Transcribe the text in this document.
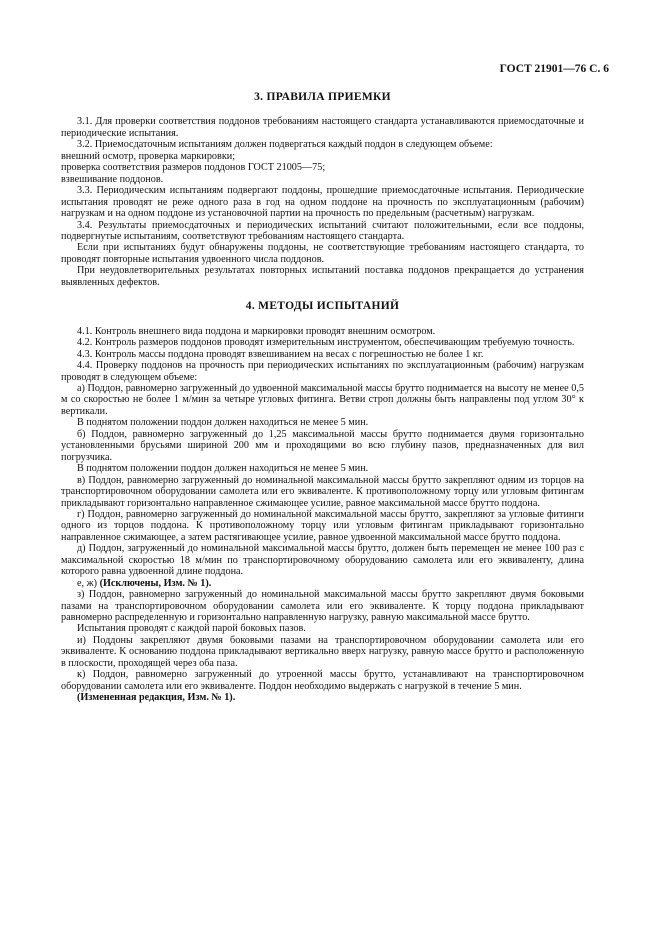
ГОСТ 21901—76 С. 6
3. ПРАВИЛА ПРИЕМКИ

3.1. Для проверки соответствия поддонов требованиям настоящего стандарта устанавливаются приемосдаточные и периодические испытания.

3.2. Приемосдаточным испытаниям должен подвергаться каждый поддон в следующем объеме:

внешний осмотр, проверка маркировки;

проверка соответствия размеров поддонов ГОСТ 21005—75;

взвешивание поддонов.

3.3. Периодическим испытаниям подвергают поддоны, прошедшие приемосдаточные испытания. Периодические испытания проводят не реже одного раза в год на одном поддоне на прочность по эксплуатационным (рабочим) нагрузкам и на одном поддоне из установочной партии на прочность по предельным (расчетным) нагрузкам.

3.4. Результаты приемосдаточных и периодических испытаний считают положительными, если все поддоны, подвергнутые испытаниям, соответствуют требованиям настоящего стандарта.

Если при испытаниях будут обнаружены поддоны, не соответствующие требованиям настоящего стандарта, то проводят повторные испытания удвоенного числа поддонов.

При неудовлетворительных результатах повторных испытаний поставка поддонов прекращается до устранения выявленных дефектов.

4. МЕТОДЫ ИСПЫТАНИЙ

4.1. Контроль внешнего вида поддона и маркировки проводят внешним осмотром.

4.2. Контроль размеров поддонов проводят измерительным инструментом, обеспечивающим требуемую точность.

4.3. Контроль массы поддона проводят взвешиванием на весах с погрешностью не более 1 кг.

4.4. Проверку поддонов на прочность при периодических испытаниях по эксплуатационным (рабочим) нагрузкам проводят в следующем объеме:

а) Поддон, равномерно загруженный до удвоенной максимальной массы брутто поднимается на высоту не менее 0,5 м со скоростью не более 1 м/мин за четыре угловых фитинга. Ветви строп должны быть направлены под углом 30° к вертикали.

В поднятом положении поддон должен находиться не менее 5 мин.

б) Поддон, равномерно загруженный до 1,25 максимальной массы брутто поднимается двумя горизонтально установленными брусьями шириной 200 мм и проходящими во всю глубину пазов, предназначенных для вил погрузчика.

В поднятом положении поддон должен находиться не менее 5 мин.

в) Поддон, равномерно загруженный до номинальной максимальной массы брутто закрепляют одним из торцов на транспортировочном оборудовании самолета или его эквиваленте. К противоположному торцу или угловым фитингам прикладывают горизонтально направленное сжимающее усилие, равное максимальной массе брутто поддона.

г) Поддон, равномерно загруженный до номинальной максимальной массы брутто, закрепляют за угловые фитинги одного из торцов поддона. К противоположному торцу или угловым фитингам прикладывают горизонтально направленное сжимающее, а затем растягивающее усилие, равное удвоенной максимальной массе брутто поддона.

д) Поддон, загруженный до номинальной максимальной массы брутто, должен быть перемещен не менее 100 раз с максимальной скоростью 18 м/мин по транспортировочному оборудованию самолета или его эквиваленту, длина которого равна удвоенной длине поддона.

е, ж) (Исключены, Изм. № 1).

з) Поддон, равномерно загруженный до номинальной максимальной массы брутто закрепляют двумя боковыми пазами на транспортировочном оборудовании самолета или его эквиваленте. К торцу поддона прикладывают равномерно распределенную и горизонтально направленную нагрузку, равную максимальной массе брутто.

Испытания проводят с каждой парой боковых пазов.

и) Поддоны закрепляют двумя боковыми пазами на транспортировочном оборудовании самолета или его эквиваленте. К основанию поддона прикладывают вертикально вверх нагрузку, равную массе брутто и расположенную в плоскости, проходящей через оба паза.

к) Поддон, равномерно загруженный до утроенной массы брутто, устанавливают на транспортировочном оборудовании самолета или его эквиваленте. Поддон необходимо выдержать с нагрузкой в течение 5 мин.

(Измененная редакция, Изм. № 1).
